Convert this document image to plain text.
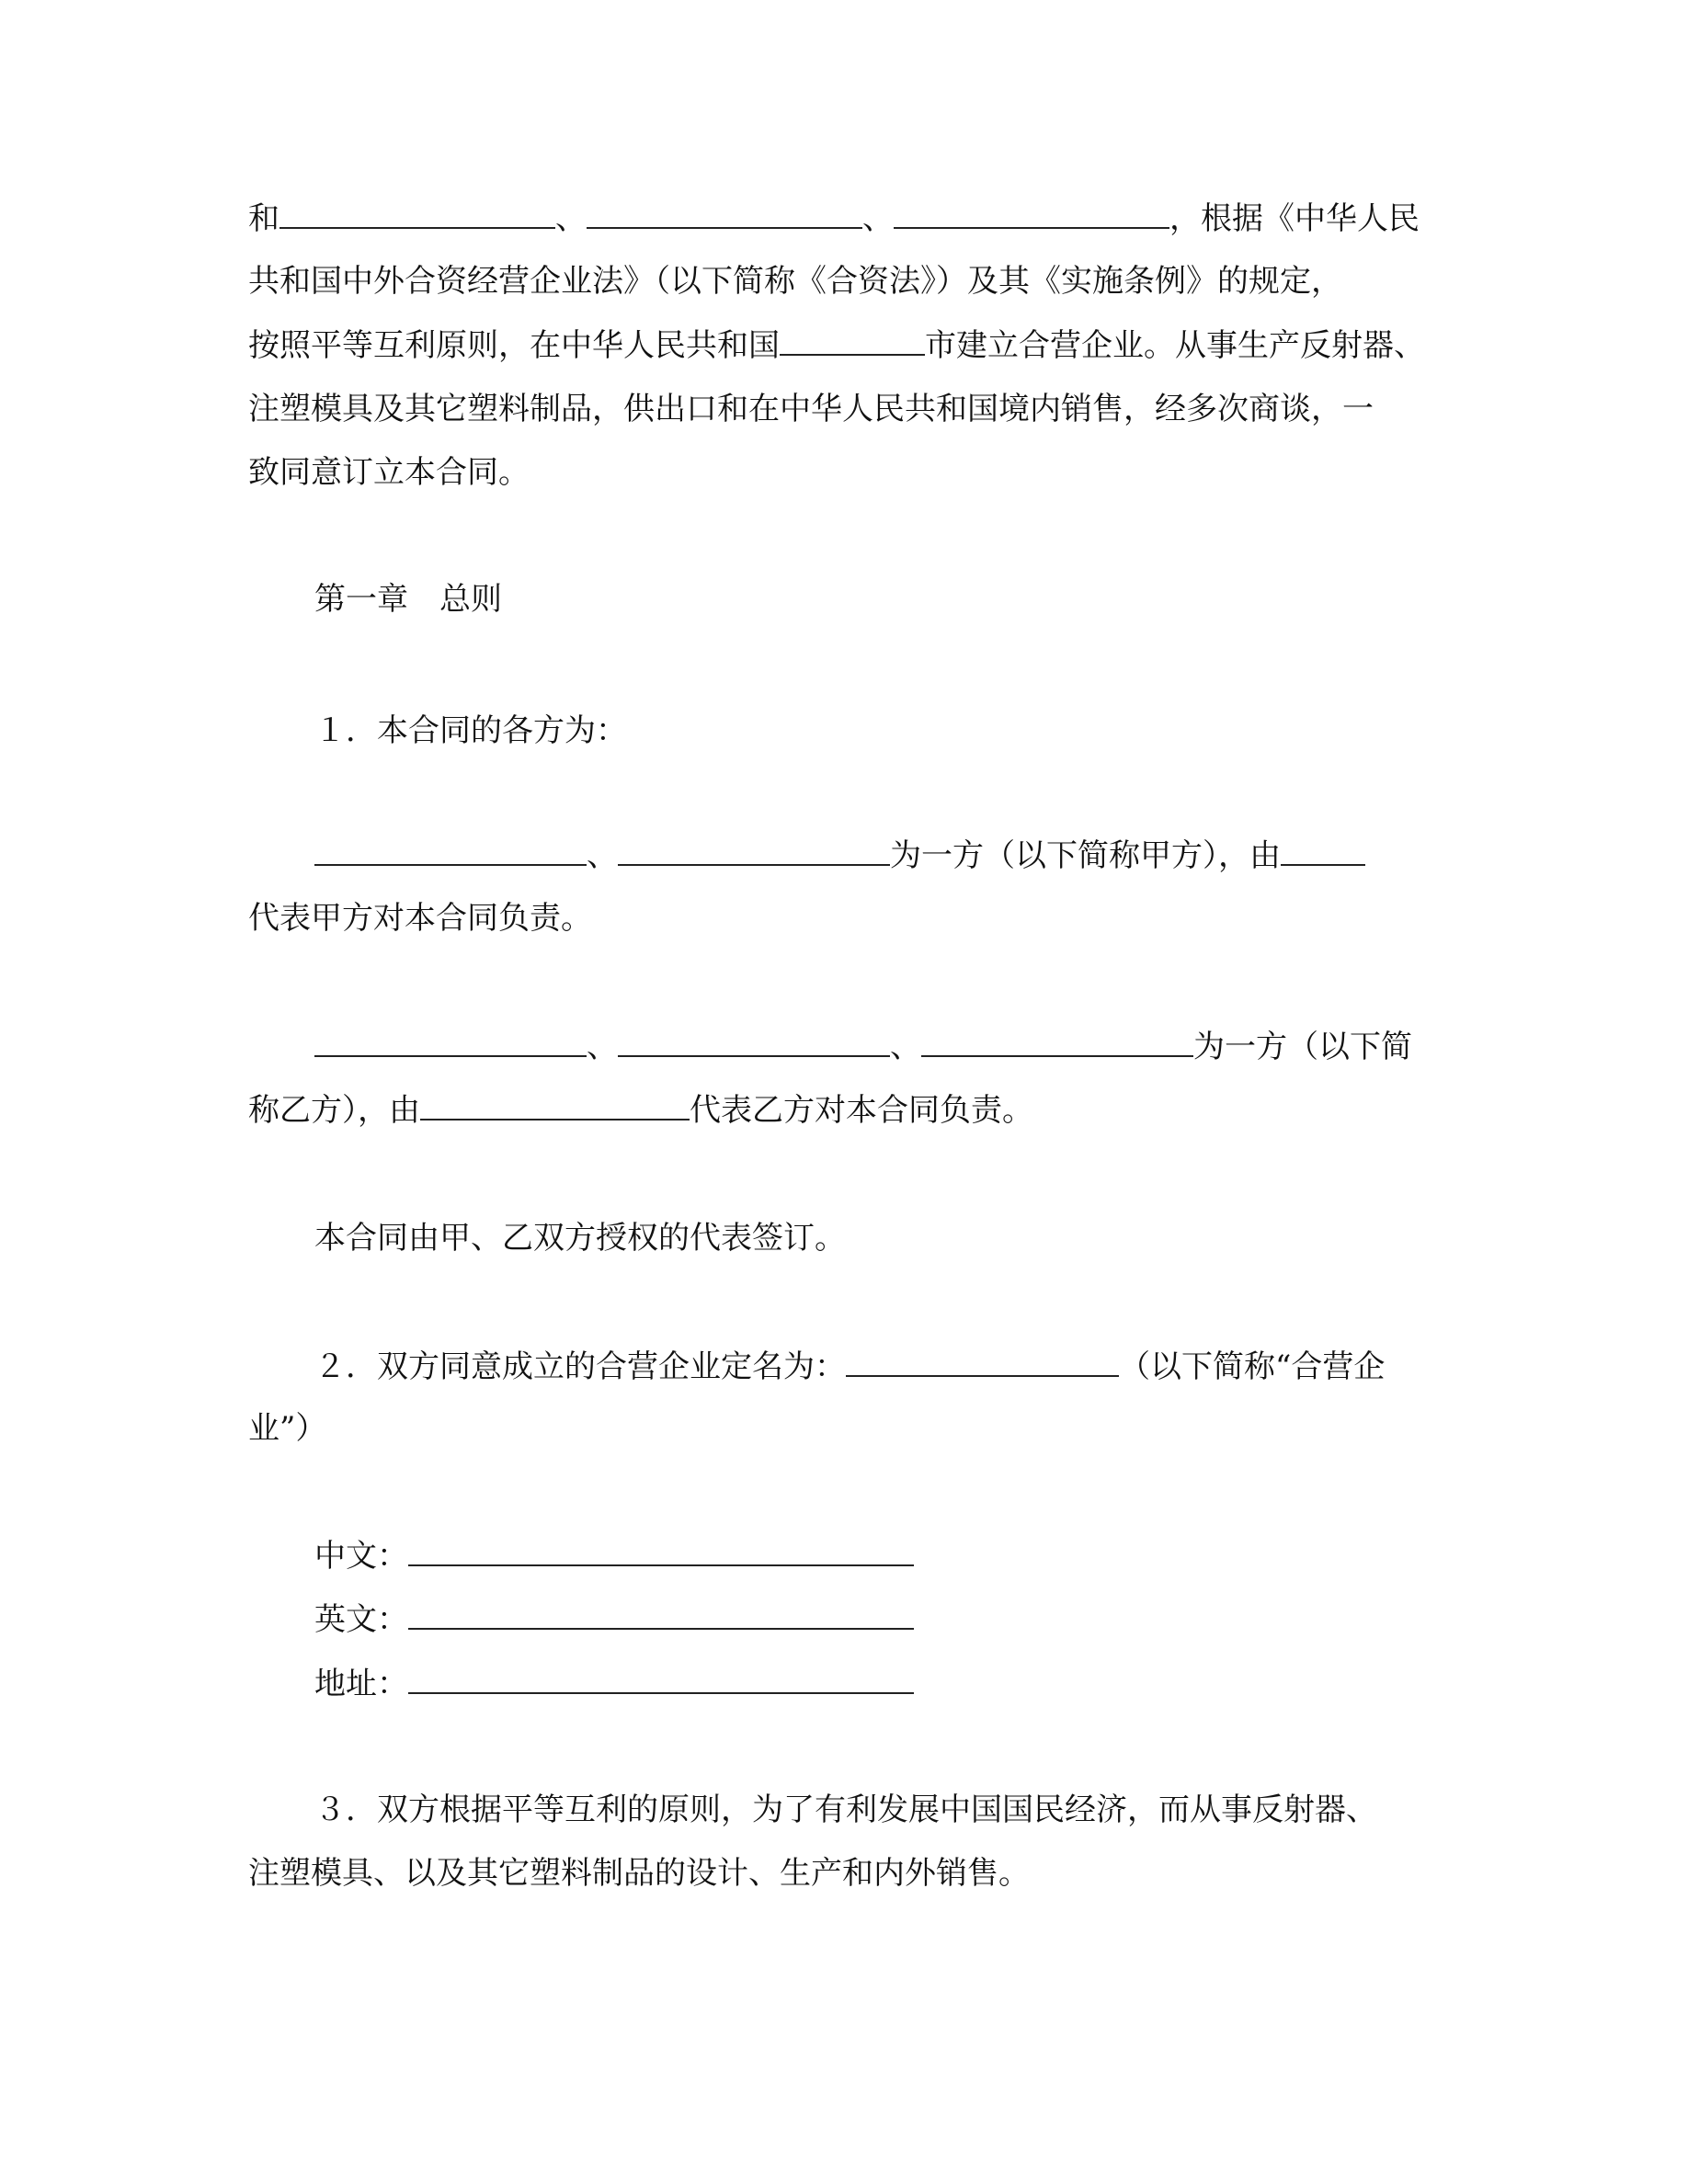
和	、	、	，根据《中华人民
共和国中外合资经营企业法》（以下简称《合资法》）及其《实施条例》的规定，
按照平等互利原则，在中华人民共和国	市建立合营企业。从事生产反射器、
注塑模具及其它塑料制品，供出口和在中华人民共和国境内销售，经多次商谈，一
致同意订立本合同。
第一章　总则
１．本合同的各方为：
、	为一方（以下简称甲方），由
代表甲方对本合同负责。
、	、	为一方（以下简
称乙方），由	代表乙方对本合同负责。
本合同由甲、乙双方授权的代表签订。
２．双方同意成立的合营企业定名为：	（以下简称“合营企
业”）
中文：
英文：
地址：
３．双方根据平等互利的原则，为了有利发展中国国民经济，而从事反射器、
注塑模具、以及其它塑料制品的设计、生产和内外销售。
